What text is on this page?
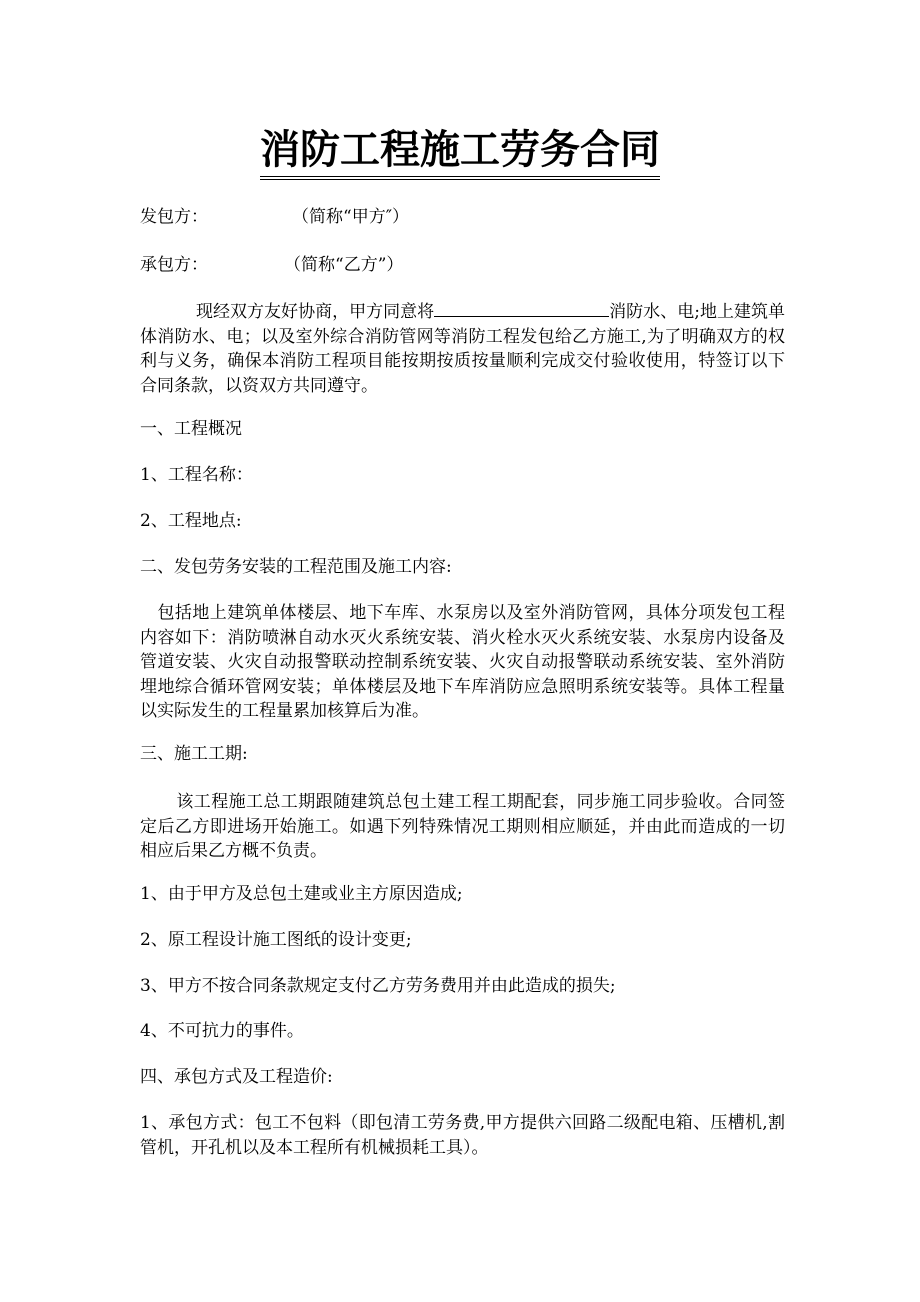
消防工程施工劳务合同
发包方：	（简称“甲方″）
承包方：	（简称“乙方”）
现经双方友好协商，甲方同意将	消防水、电;地上建筑单体消防水、电；以及室外综合消防管网等消防工程发包给乙方施工,为了明确双方的权利与义务，确保本消防工程项目能按期按质按量顺利完成交付验收使用，特签订以下合同条款，以资双方共同遵守。
一、工程概况
1、工程名称：
2、工程地点:
二、发包劳务安装的工程范围及施工内容:
包括地上建筑单体楼层、地下车库、水泵房以及室外消防管网，具体分项发包工程内容如下：消防喷淋自动水灭火系统安装、消火栓水灭火系统安装、水泵房内设备及管道安装、火灾自动报警联动控制系统安装、火灾自动报警联动系统安装、室外消防埋地综合循环管网安装；单体楼层及地下车库消防应急照明系统安装等。具体工程量以实际发生的工程量累加核算后为准。
三、施工工期:
该工程施工总工期跟随建筑总包土建工程工期配套，同步施工同步验收。合同签定后乙方即进场开始施工。如遇下列特殊情况工期则相应顺延，并由此而造成的一切相应后果乙方概不负责。
1、由于甲方及总包土建或业主方原因造成;
2、原工程设计施工图纸的设计变更;
3、甲方不按合同条款规定支付乙方劳务费用并由此造成的损失;
4、不可抗力的事件。
四、承包方式及工程造价:
1、承包方式：包工不包料（即包清工劳务费,甲方提供六回路二级配电箱、压槽机,割管机，开孔机以及本工程所有机械损耗工具）。
